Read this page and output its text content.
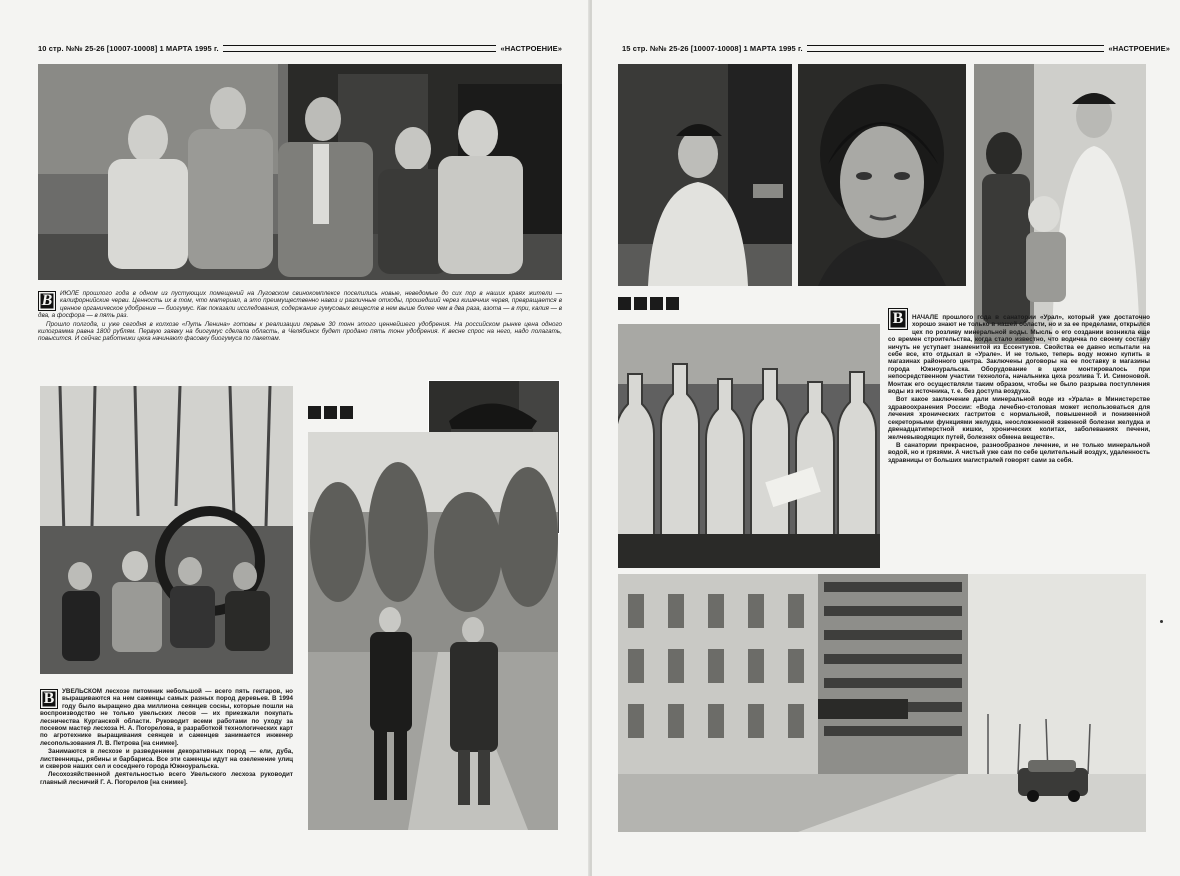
10 стр. №№ 25-26 [10007-10008] 1 МАРТА 1995 г.	«НАСТРОЕНИЕ»

В	ИЮЛЕ прошлого года в одном из пустующих помещений на Луговском свинокомплексе поселились новые, неведомые до сих пор в наших краях жители — калифорнийские черви. Ценность их в том, что материал, а это преимущественно навоз и различные отходы, прошедший через кишечник червя, превращается в ценное органическое удобрение — биогумус. Как показали исследования, содержание гумусовых веществ в нем выше более чем в два раза, азота — в три, калия — в два, а фосфора — в пять раз.

Прошло полгода, и уже сегодня в колхозе «Путь Ленина» готовы к реализации первые 30 тонн этого ценнейшего удобрения. На российском рынке цена одного килограмма равна 1800 рублям. Первую заявку на биогумус сделала область, в Челябинск будет продано пять тонн удобрения. К весне спрос на него, надо полагать, повысится. И сейчас работники цеха начинают фасовку биогумуса по пакетам.

В	УВЕЛЬСКОМ лесхозе питомник небольшой — всего пять гектаров, но выращиваются на нем саженцы самых разных пород деревьев. В 1994 году было выращено два миллиона сеянцев сосны, которые пошли на воспроизводство не только увельских лесов — их приезжали покупать лесничества Курганской области. Руководит всеми работами по уходу за посевом мастер лесхоза Н. А. Погорелова, в разработкой технологических карт по агротехнике выращивания сеянцев и саженцев занимается инженер лесопользования Л. В. Петрова [на снимке].

Занимаются в лесхозе и разведением декоративных пород — ели, дуба, лиственницы, рябины и барбариса. Все эти саженцы идут на озеленение улиц и скверов наших сел и соседнего города Южноуральска.

Лесохозяйственной деятельностью всего Увельского лесхоза руководит главный лесничий Г. А. Погорелов [на снимке].

15 стр. №№ 25-26 [10007-10008] 1 МАРТА 1995 г.	«НАСТРОЕНИЕ»

В	НАЧАЛЕ прошлого года в санатории «Урал», который уже достаточно хорошо знают не только в нашей области, но и за ее пределами, открылся цех по розливу минеральной воды. Мысль о его создании возникла еще со времен строительства, когда стало известно, что водичка по своему составу ничуть не уступает знаменитой из Ессентуков. Свойства ее давно испытали на себе все, кто отдыхал в «Урале». И не только, теперь воду можно купить в магазинах районного центра. Заключены договоры на ее поставку в магазины города Южноуральска. Оборудование в цехе монтировалось при непосредственном участии технолога, начальника цеха розлива Т. И. Симоновой. Монтаж его осуществляли таким образом, чтобы не было разрыва поступления воды из источника, т. е. без доступа воздуха.

Вот какое заключение дали минеральной воде из «Урала» в Министерстве здравоохранения России: «Вода лечебно-столовая может использоваться для лечения хронических гастритов с нормальной, повышенной и пониженной секреторными функциями желудка, неосложненной язвенной болезни желудка и двенадцатиперстной кишки, хронических колитах, заболеваниях печени, желчевыводящих путей, болезнях обмена веществ».

В санатории прекрасное, разнообразное лечение, и не только минеральной водой, но и грязями. А чистый уже сам по себе целительный воздух, удаленность здравницы от больших магистралей говорят сами за себя.
